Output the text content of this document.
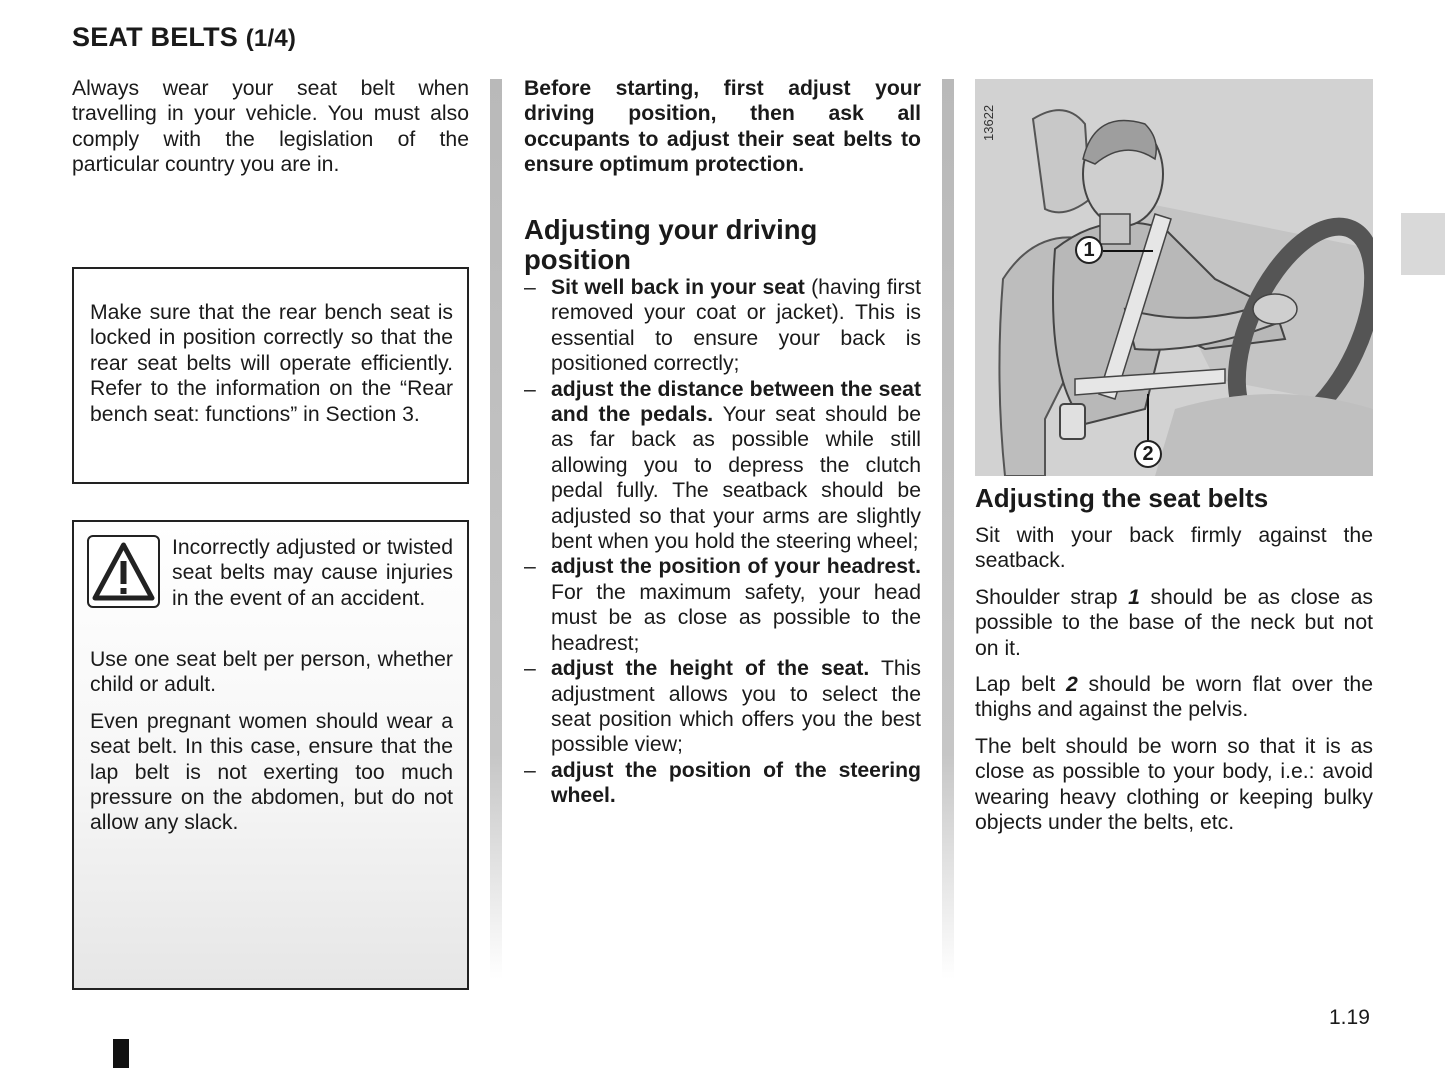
SEAT BELTS (1/4)

Always wear your seat belt when travelling in your vehicle. You must also comply with the legislation of the particular country you are in.

Make sure that the rear bench seat is locked in position correctly so that the rear seat belts will operate efficiently. Refer to the information on the “Rear bench seat: functions” in Section 3.

Incorrectly adjusted or twisted seat belts may cause injuries in the event of an accident.

Use one seat belt per person, whether child or adult.

Even pregnant women should wear a seat belt. In this case, ensure that the lap belt is not exerting too much pressure on the abdomen, but do not allow any slack.

Before starting, first adjust your driving position, then ask all occupants to adjust their seat belts to ensure optimum protection.

Adjusting your driving position
– Sit well back in your seat (having first removed your coat or jacket). This is essential to ensure your back is positioned correctly;
– adjust the distance between the seat and the pedals. Your seat should be as far back as possible while still allowing you to depress the clutch pedal fully. The seatback should be adjusted so that your arms are slightly bent when you hold the steering wheel;
– adjust the position of your headrest. For the maximum safety, your head must be as close as possible to the headrest;
– adjust the height of the seat. This adjustment allows you to select the seat position which offers you the best possible view;
– adjust the position of the steering wheel.
13622
1
2
Adjusting the seat belts

Sit with your back firmly against the seatback.

Shoulder strap 1 should be as close as possible to the base of the neck but not on it.

Lap belt 2 should be worn flat over the thighs and against the pelvis.

The belt should be worn so that it is as close as possible to your body, i.e.: avoid wearing heavy clothing or keeping bulky objects under the belts, etc.

1.19
